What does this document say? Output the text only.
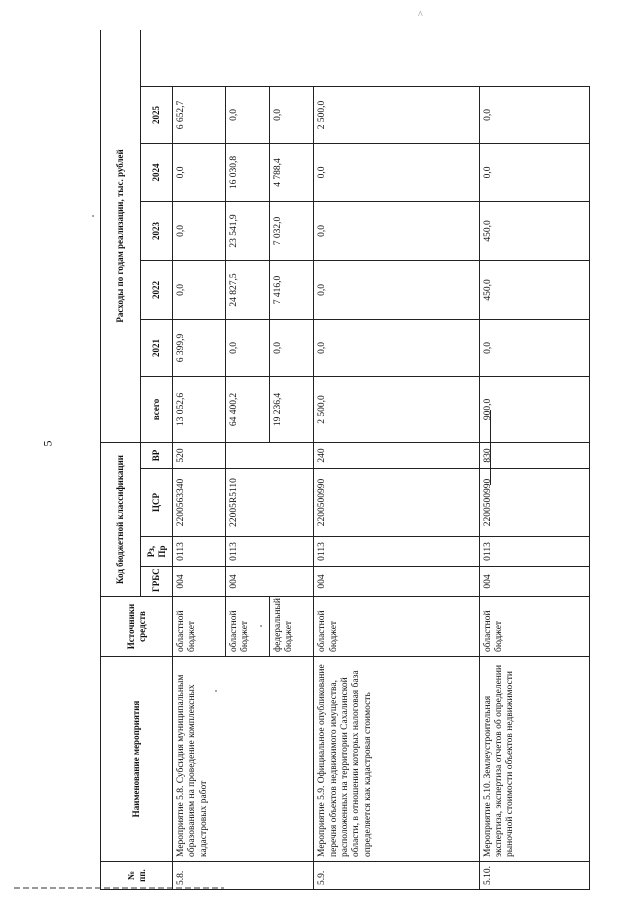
5
^
№ пп.	Наименование мероприятия	Источники средств	Код бюджетной классификации				Расходы по годам реализации, тыс. рублей					
			ГРБС	Рз, Пр	ЦСР	ВР	всего	2021	2022	2023	2024	2025
5.8.	Мероприятие 5.8. Субсидия муниципальным образованиям на проведение комплексных кадастровых работ	областной бюджет	004	0113	2200563340	520	13 052,6	6 399,9	0,0	0,0	0,0	6 652,7
		областной бюджет	004	0113	22005R5110		64 400,2	0,0	24 827,5	23 541,9	16 030,8	0,0
		федеральный бюджет					19 236,4	0,0	7 416,0	7 032,0	4 788,4	0,0
5.9.	Мероприятие 5.9. Официальное опубликование перечня объектов недвижимого имущества, расположенных на территории Сахалинской области, в отношении которых налоговая база определяется как кадастровая стоимость	областной бюджет	004	0113	2200500990	240	2 500,0	0,0	0,0	0,0	0,0	2 500,0
5.10.	Мероприятие 5.10. Землеустроительная экспертиза, экспертиза отчетов об определении рыночной стоимости объектов недвижимости	областной бюджет	004	0113	2200500990	830	900,0	0,0	450,0	450,0	0,0	0,0
